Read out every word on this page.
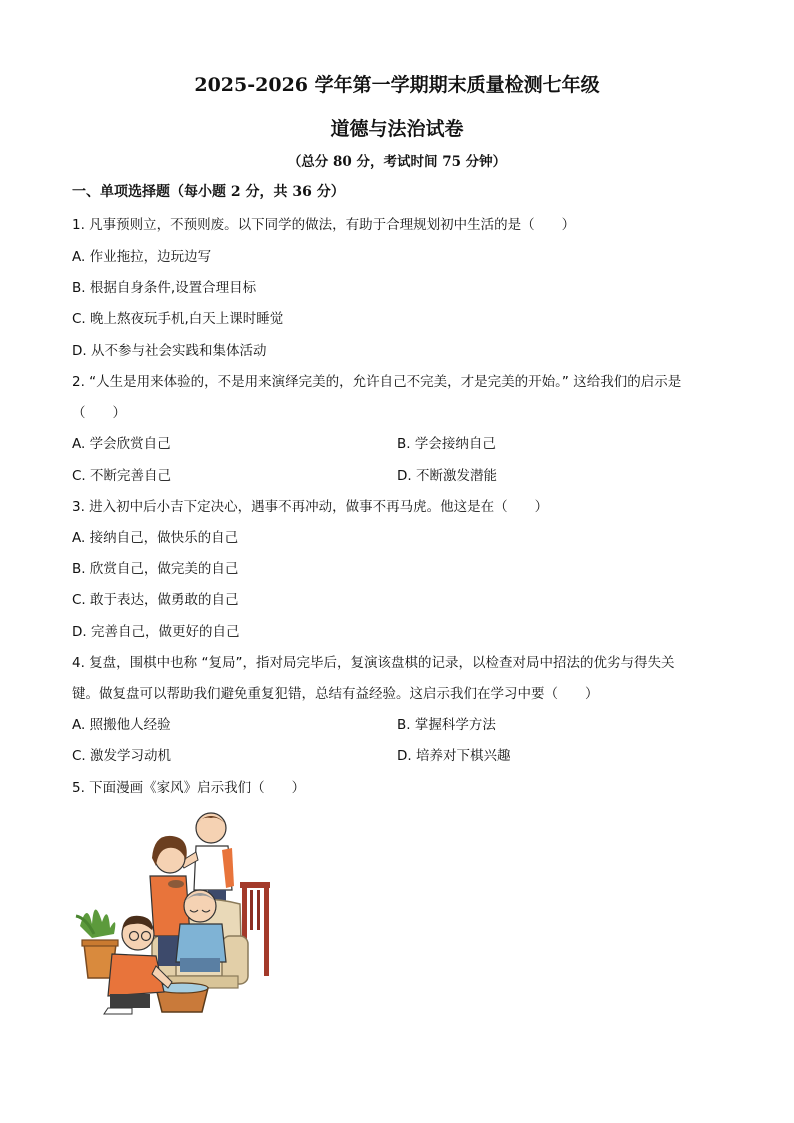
2025-2026 学年第一学期期末质量检测七年级
道德与法治试卷
（总分 80 分，考试时间 75 分钟）
一、单项选择题（每小题 2 分，共 36 分）
1. 凡事预则立，不预则废。以下同学的做法，有助于合理规划初中生活的是（　　）
A. 作业拖拉，边玩边写
B. 根据自身条件,设置合理目标
C. 晚上熬夜玩手机,白天上课时睡觉
D. 从不参与社会实践和集体活动
2. “人生是用来体验的，不是用来演绎完美的，允许自己不完美，才是完美的开始。” 这给我们的启示是
（　　）
A. 学会欣赏自己	B. 学会接纳自己
C. 不断完善自己	D. 不断激发潜能
3. 进入初中后小吉下定决心，遇事不再冲动，做事不再马虎。他这是在（　　）
A. 接纳自己，做快乐的自己
B. 欣赏自己，做完美的自己
C. 敢于表达，做勇敢的自己
D. 完善自己，做更好的自己
4. 复盘，围棋中也称 “复局”，指对局完毕后，复演该盘棋的记录，以检查对局中招法的优劣与得失关
键。做复盘可以帮助我们避免重复犯错，总结有益经验。这启示我们在学习中要（　　）
A. 照搬他人经验	B. 掌握科学方法
C. 激发学习动机	D. 培养对下棋兴趣
5. 下面漫画《家风》启示我们（　　）
